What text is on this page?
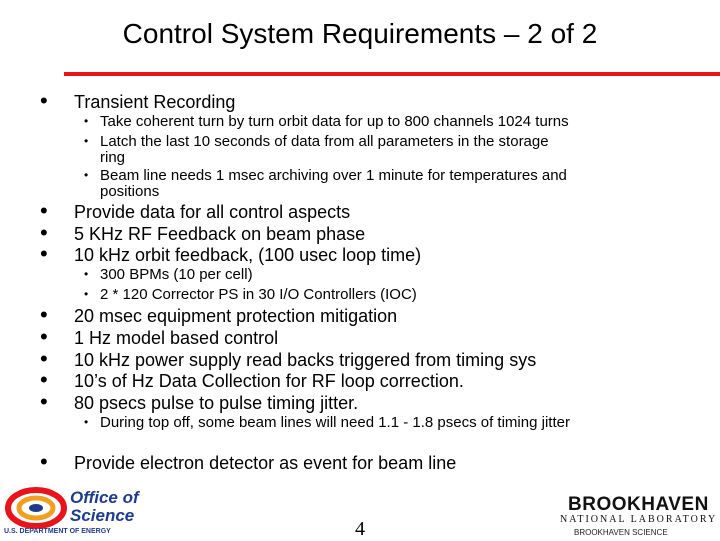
Control System Requirements – 2 of 2
• Transient Recording
• Take coherent turn by turn orbit data for up to 800 channels 1024 turns
• Latch the last 10 seconds of data from all parameters in the storage
ring
• Beam line needs 1 msec archiving over 1 minute for temperatures and
positions
• Provide data for all control aspects
• 5 KHz RF Feedback on beam phase
• 10 kHz orbit feedback, (100 usec loop time)
• 300 BPMs (10 per cell)
• 2 * 120 Corrector PS in 30 I/O Controllers (IOC)
• 20 msec equipment protection mitigation
• 1 Hz model based control
• 10 kHz power supply read backs triggered from timing sys
• 10’s of Hz Data Collection for RF loop correction.
• 80 psecs pulse to pulse timing jitter.
• During top off, some beam lines will need 1.1 - 1.8 psecs of timing jitter
• Provide electron detector as event for beam line
Office of
Science
U.S. DEPARTMENT OF ENERGY	4
BROOKHAVEN
NATIONAL LABORATORY
BROOKHAVEN SCIENCE
